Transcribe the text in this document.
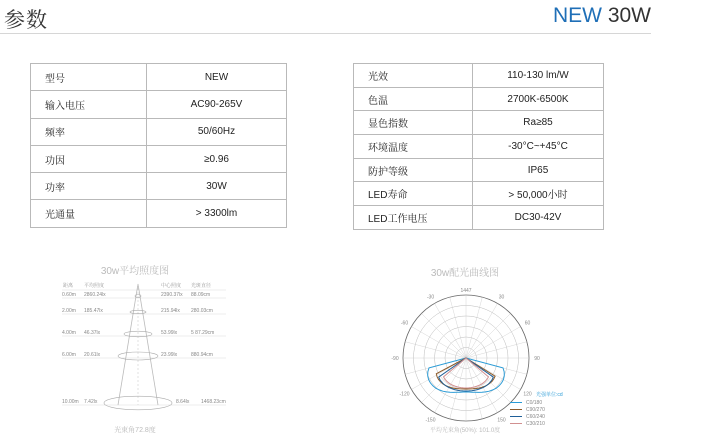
参数	NEW 30W
型号	NEW
输入电压	AC90-265V
频率	50/60Hz
功因	≥0.96
功率	30W
光通量	> 3300lm
光效	110-130 lm/W
色温	2700K-6500K
显色指数	Ra≥85
环境温度	-30°C~+45°C
防护等级	IP65
LED寿命	> 50,000小时
LED工作电压	DC30-42V
30w平均照度图
距离 平均照度	中心照度 光斑直径
0.60m 2860.24lx	2390.37lx 88.09cm
2.00m 185.47lx	215.94lx 280.03cm
4.00m 46.37lx	53.99lx	5 87.29cm
6.00m 20.61lx	23.99lx	880.94cm
10.00m 7.42lx	8.64lx 1468.23cm
光束角72.8度
30w配光曲线图
1447
-150	150
-120	120
-90	90
-60	60
-30	30
光强单位:cd
C0/180
C90/270
C60/240
C30/210
平均光束角(50%): 101.0度
